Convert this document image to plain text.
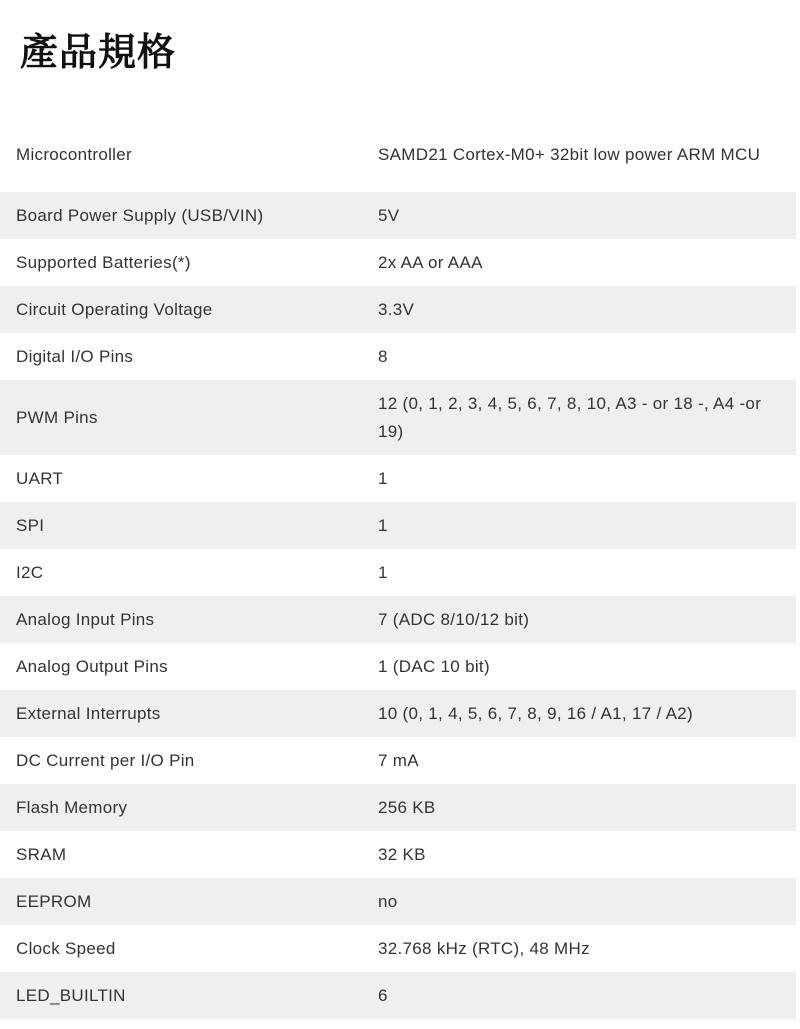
產品規格
Microcontroller	SAMD21 Cortex-M0+ 32bit low power ARM MCU
Board Power Supply (USB/VIN)	5V
Supported Batteries(*)	2x AA or AAA
Circuit Operating Voltage	3.3V
Digital I/O Pins	8
PWM Pins	12 (0, 1, 2, 3, 4, 5, 6, 7, 8, 10, A3 - or 18 -, A4 -or 19)
UART	1
SPI	1
I2C	1
Analog Input Pins	7 (ADC 8/10/12 bit)
Analog Output Pins	1 (DAC 10 bit)
External Interrupts	10 (0, 1, 4, 5, 6, 7, 8, 9, 16 / A1, 17 / A2)
DC Current per I/O Pin	7 mA
Flash Memory	256 KB
SRAM	32 KB
EEPROM	no
Clock Speed	32.768 kHz (RTC), 48 MHz
LED_BUILTIN	6
